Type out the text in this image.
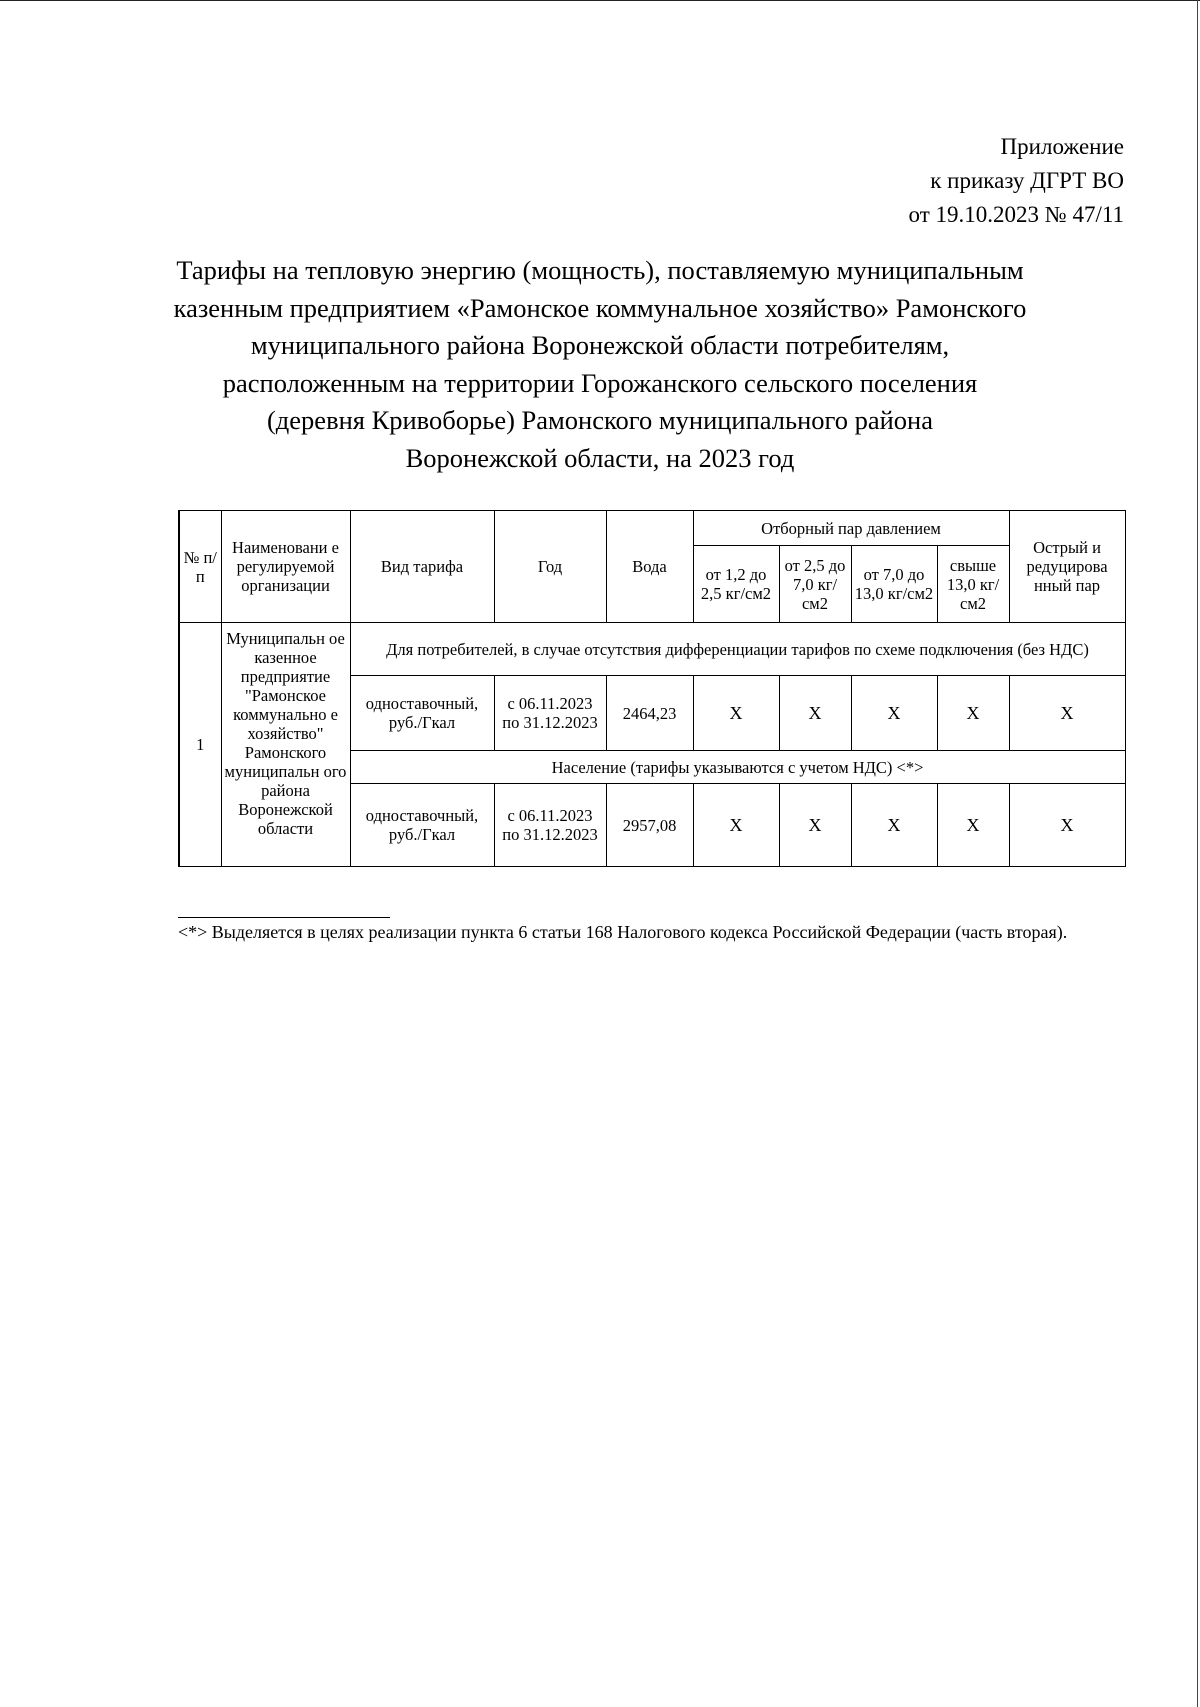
Приложение
к приказу ДГРТ ВО
от 19.10.2023 № 47/11
Тарифы на тепловую энергию (мощность), поставляемую муниципальным
казенным предприятием «Рамонское коммунальное хозяйство» Рамонского
муниципального района Воронежской области потребителям,
расположенным на территории Горожанского сельского поселения
(деревня Кривоборье) Рамонского муниципального района
Воронежской области, на 2023 год
№ п/п	Наименовани е регулируемой организации	Вид тарифа	Год	Вода	Отборный пар давлением				Острый и редуцирова нный пар
					от 1,2 до 2,5 кг/см2	от 2,5 до 7,0 кг/см2	от 7,0 до 13,0 кг/см2	свыше 13,0 кг/см2	
1	Муниципальн ое казенное предприятие "Рамонское коммунально е хозяйство" Рамонского муниципальн ого района Воронежской области	Для потребителей, в случае отсутствия дифференциации тарифов по схеме подключения (без НДС)							
		одноставочный, руб./Гкал	с 06.11.2023 по 31.12.2023	2464,23	Х	Х	Х	Х	Х
		Население (тарифы указываются с учетом НДС) <*>							
		одноставочный, руб./Гкал	с 06.11.2023 по 31.12.2023	2957,08	Х	Х	Х	Х	Х
<*> Выделяется в целях реализации пункта 6 статьи 168 Налогового кодекса Российской Федерации (часть вторая).
